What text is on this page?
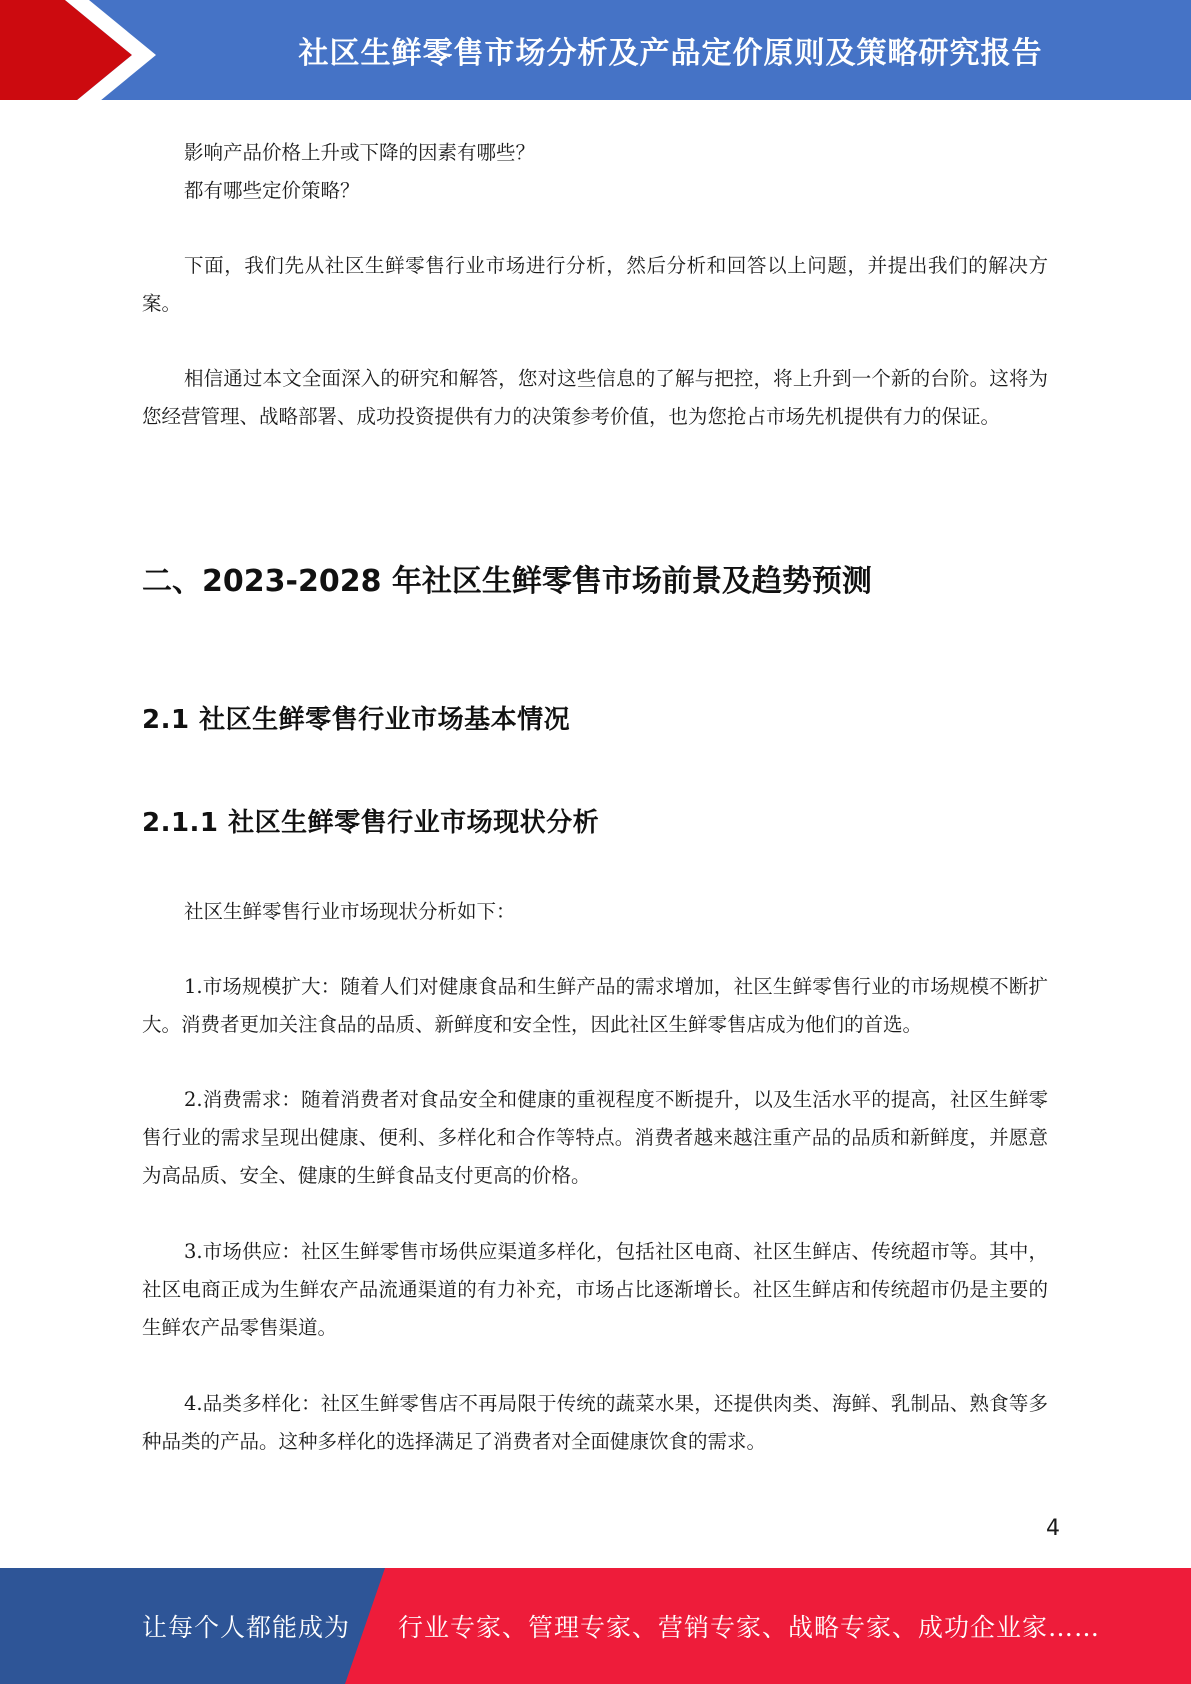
社区生鲜零售市场分析及产品定价原则及策略研究报告

影响产品价格上升或下降的因素有哪些？

都有哪些定价策略？

下面，我们先从社区生鲜零售行业市场进行分析，然后分析和回答以上问题，并提出我们的解决方案。

相信通过本文全面深入的研究和解答，您对这些信息的了解与把控，将上升到一个新的台阶。这将为您经营管理、战略部署、成功投资提供有力的决策参考价值，也为您抢占市场先机提供有力的保证。

二、2023-2028 年社区生鲜零售市场前景及趋势预测
2.1 社区生鲜零售行业市场基本情况
2.1.1 社区生鲜零售行业市场现状分析

社区生鲜零售行业市场现状分析如下：

1.市场规模扩大：随着人们对健康食品和生鲜产品的需求增加，社区生鲜零售行业的市场规模不断扩大。消费者更加关注食品的品质、新鲜度和安全性，因此社区生鲜零售店成为他们的首选。

2.消费需求：随着消费者对食品安全和健康的重视程度不断提升，以及生活水平的提高，社区生鲜零售行业的需求呈现出健康、便利、多样化和合作等特点。消费者越来越注重产品的品质和新鲜度，并愿意为高品质、安全、健康的生鲜食品支付更高的价格。

3.市场供应：社区生鲜零售市场供应渠道多样化，包括社区电商、社区生鲜店、传统超市等。其中，社区电商正成为生鲜农产品流通渠道的有力补充，市场占比逐渐增长。社区生鲜店和传统超市仍是主要的生鲜农产品零售渠道。

4.品类多样化：社区生鲜零售店不再局限于传统的蔬菜水果，还提供肉类、海鲜、乳制品、熟食等多种品类的产品。这种多样化的选择满足了消费者对全面健康饮食的需求。

4
让每个人都能成为 行业专家、管理专家、营销专家、战略专家、成功企业家……
